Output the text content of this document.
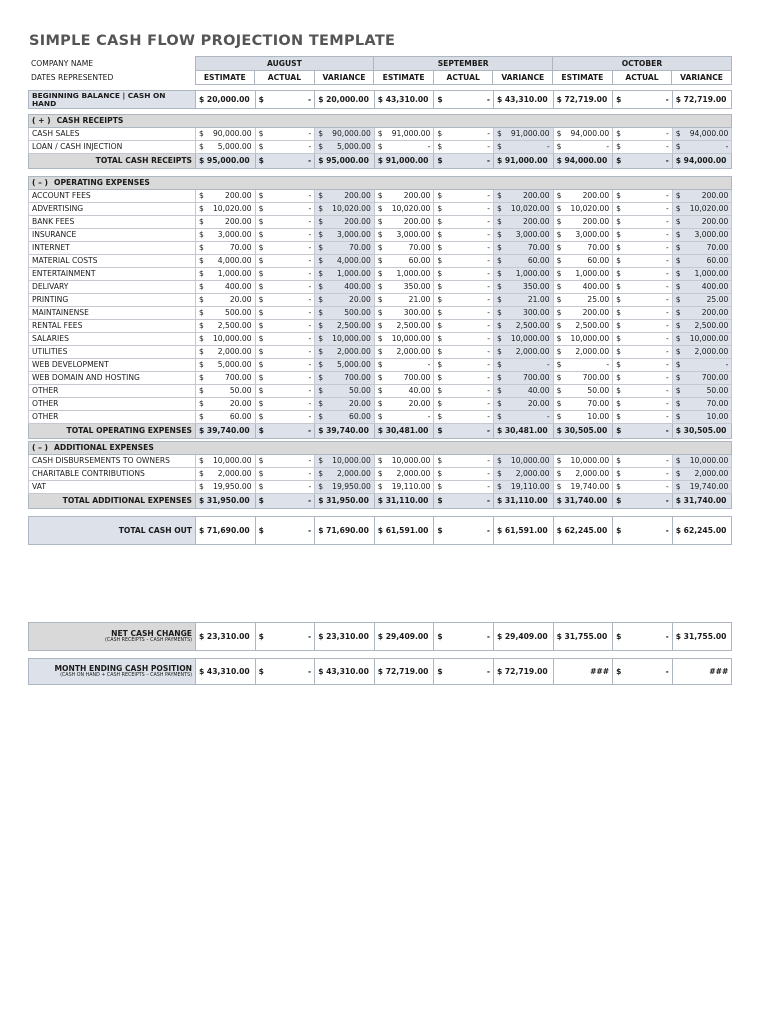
SIMPLE CASH FLOW PROJECTION TEMPLATE
COMPANY NAME	AUGUST			SEPTEMBER			OCTOBER		
DATES REPRESENTED	ESTIMATE	ACTUAL	VARIANCE	ESTIMATE	ACTUAL	VARIANCE	ESTIMATE	ACTUAL	VARIANCE
BEGINNING BALANCE | CASH ON HAND	$ 20,000.00	$	-	$ 20,000.00	$ 43,310.00	$	-	$ 43,310.00	$ 72,719.00	$	-	$ 72,719.00
( + ) CASH RECEIPTS									
CASH SALES	$ 90,000.00	$ -	$ 90,000.00	$ 91,000.00	$ -	$ 91,000.00	$ 94,000.00	$ -	$ 94,000.00

LOAN / CASH INJECTION	$ 5,000.00	$ -	$ 5,000.00	$ -	$ -	$ -	$ -	$ -	$ -

TOTAL CASH RECEIPTS	$ 95,000.00	$ -	$ 95,000.00	$ 91,000.00	$ -	$ 91,000.00	$ 94,000.00	$ -	$ 94,000.00
( – ) OPERATING EXPENSES									
ACCOUNT FEES	$ 200.00	$ -	$ 200.00	$ 200.00	$ -	$ 200.00	$ 200.00	$ -	$ 200.00

ADVERTISING	$ 10,020.00	$ -	$ 10,020.00	$ 10,020.00	$ -	$ 10,020.00	$ 10,020.00	$ -	$ 10,020.00

BANK FEES	$ 200.00	$ -	$ 200.00	$ 200.00	$ -	$ 200.00	$ 200.00	$ -	$ 200.00

INSURANCE	$ 3,000.00	$ -	$ 3,000.00	$ 3,000.00	$ -	$ 3,000.00	$ 3,000.00	$ -	$ 3,000.00

INTERNET	$ 70.00	$ -	$ 70.00	$ 70.00	$ -	$ 70.00	$ 70.00	$ -	$ 70.00

MATERIAL COSTS	$ 4,000.00	$ -	$ 4,000.00	$ 60.00	$ -	$ 60.00	$ 60.00	$ -	$ 60.00

ENTERTAINMENT	$ 1,000.00	$ -	$ 1,000.00	$ 1,000.00	$ -	$ 1,000.00	$ 1,000.00	$ -	$ 1,000.00

DELIVARY	$ 400.00	$ -	$ 400.00	$ 350.00	$ -	$ 350.00	$ 400.00	$ -	$ 400.00

PRINTING	$ 20.00	$ -	$ 20.00	$ 21.00	$ -	$ 21.00	$ 25.00	$ -	$ 25.00

MAINTAINENSE	$ 500.00	$ -	$ 500.00	$ 300.00	$ -	$ 300.00	$ 200.00	$ -	$ 200.00

RENTAL FEES	$ 2,500.00	$ -	$ 2,500.00	$ 2,500.00	$ -	$ 2,500.00	$ 2,500.00	$ -	$ 2,500.00

SALARIES	$ 10,000.00	$ -	$ 10,000.00	$ 10,000.00	$ -	$ 10,000.00	$ 10,000.00	$ -	$ 10,000.00

UTILITIES	$ 2,000.00	$ -	$ 2,000.00	$ 2,000.00	$ -	$ 2,000.00	$ 2,000.00	$ -	$ 2,000.00

WEB DEVELOPMENT	$ 5,000.00	$ -	$ 5,000.00	$ -	$ -	$ -	$ -	$ -	$ -

WEB DOMAIN AND HOSTING	$ 700.00	$ -	$ 700.00	$ 700.00	$ -	$ 700.00	$ 700.00	$ -	$ 700.00

OTHER	$ 50.00	$ -	$ 50.00	$ 40.00	$ -	$ 40.00	$ 50.00	$ -	$ 50.00

OTHER	$ 20.00	$ -	$ 20.00	$ 20.00	$ -	$ 20.00	$ 70.00	$ -	$ 70.00

OTHER	$ 60.00	$ -	$ 60.00	$ -	$ -	$ -	$ 10.00	$ -	$ 10.00

TOTAL OPERATING EXPENSES	$ 39,740.00	$ -	$ 39,740.00	$ 30,481.00	$ -	$ 30,481.00	$ 30,505.00	$ -	$ 30,505.00
( – ) ADDITIONAL EXPENSES									
CASH DISBURSEMENTS TO OWNERS	$ 10,000.00	$ -	$ 10,000.00	$ 10,000.00	$ -	$ 10,000.00	$ 10,000.00	$ -	$ 10,000.00

CHARITABLE CONTRIBUTIONS	$ 2,000.00	$ -	$ 2,000.00	$ 2,000.00	$ -	$ 2,000.00	$ 2,000.00	$ -	$ 2,000.00

VAT	$ 19,950.00	$ -	$ 19,950.00	$ 19,110.00	$ -	$ 19,110.00	$ 19,740.00	$ -	$ 19,740.00

TOTAL ADDITIONAL EXPENSES	$ 31,950.00	$ -	$ 31,950.00	$ 31,110.00	$ -	$ 31,110.00	$ 31,740.00	$ -	$ 31,740.00
TOTAL CASH OUT	$ 71,690.00	$	-	$ 71,690.00	$ 61,591.00	$	-	$ 61,591.00	$ 62,245.00	$	-	$ 62,245.00
NET CASH CHANGE
(CASH RECEIPTS – CASH PAYMENTS)	$ 23,310.00	$	-	$ 23,310.00	$ 29,409.00	$	-	$ 29,409.00	$ 31,755.00	$	-	$ 31,755.00
MONTH ENDING CASH POSITION
(CASH ON HAND + CASH RECEIPTS – CASH PAYMENTS)	$ 43,310.00	$	-	$ 43,310.00	$ 72,719.00	$	-	$ 72,719.00	###	$	-	###
